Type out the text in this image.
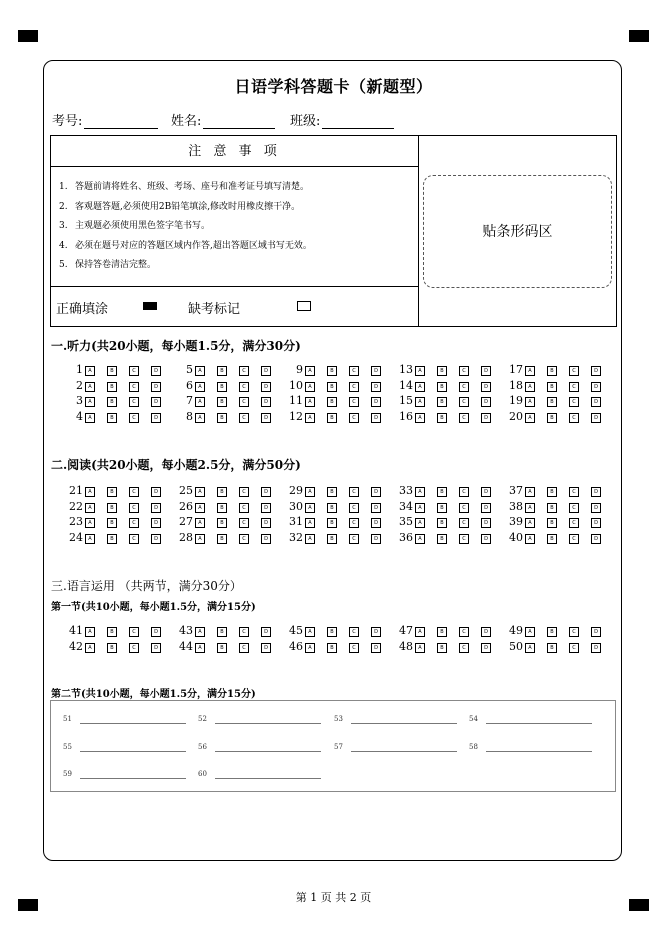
日语学科答题卡（新题型）
考号:	姓名:	班级:
注 意 事 项
1. 答题前请将姓名、班级、考场、座号和准考证号填写清楚。
2. 客观题答题,必须使用2B铅笔填涂,修改时用橡皮擦干净。
3. 主观题必须使用黑色签字笔书写。
4. 必须在题号对应的答题区域内作答,超出答题区域书写无效。
5. 保持答卷清洁完整。
正确填涂	缺考标记
贴条形码区
一.听力(共20小题，每小题1.5分，满分30分)
二.阅读(共20小题，每小题2.5分，满分50分)
三.语言运用 （共两节，满分30分）
第一节(共10小题，每小题1.5分，满分15分)
第二节(共10小题，每小题1.5分，满分15分)
1	A	B	C	D	5	A	B	C	D	9	A	B	C	D 13	A	B	C	D 17	A	B	C	D
2	A	B	C	D	6	A	B	C	D 10	A	B	C	D 14	A	B	C	D 18	A	B	C	D
3	A	B	C	D	7	A	B	C	D 11	A	B	C	D 15	A	B	C	D 19	A	B	C	D
4	A	B	C	D	8	A	B	C	D 12	A	B	C	D 16	A	B	C	D 20	A	B	C	D
21	A	B	C	D 25	A	B	C	D 29	A	B	C	D 33	A	B	C	D 37	A	B	C	D
22	A	B	C	D 26	A	B	C	D 30	A	B	C	D 34	A	B	C	D 38	A	B	C	D
23	A	B	C	D 27	A	B	C	D 31	A	B	C	D 35	A	B	C	D 39	A	B	C	D
24	A	B	C	D 28	A	B	C	D 32	A	B	C	D 36	A	B	C	D 40	A	B	C	D
41	A	B	C	D 43	A	B	C	D 45	A	B	C	D 47	A	B	C	D 49	A	B	C	D
42	A	B	C	D 44	A	B	C	D 46	A	B	C	D 48	A	B	C	D 50	A	B	C	D
51	52	53	54
55	56	57	58
59	60
第 1 页 共 2 页
